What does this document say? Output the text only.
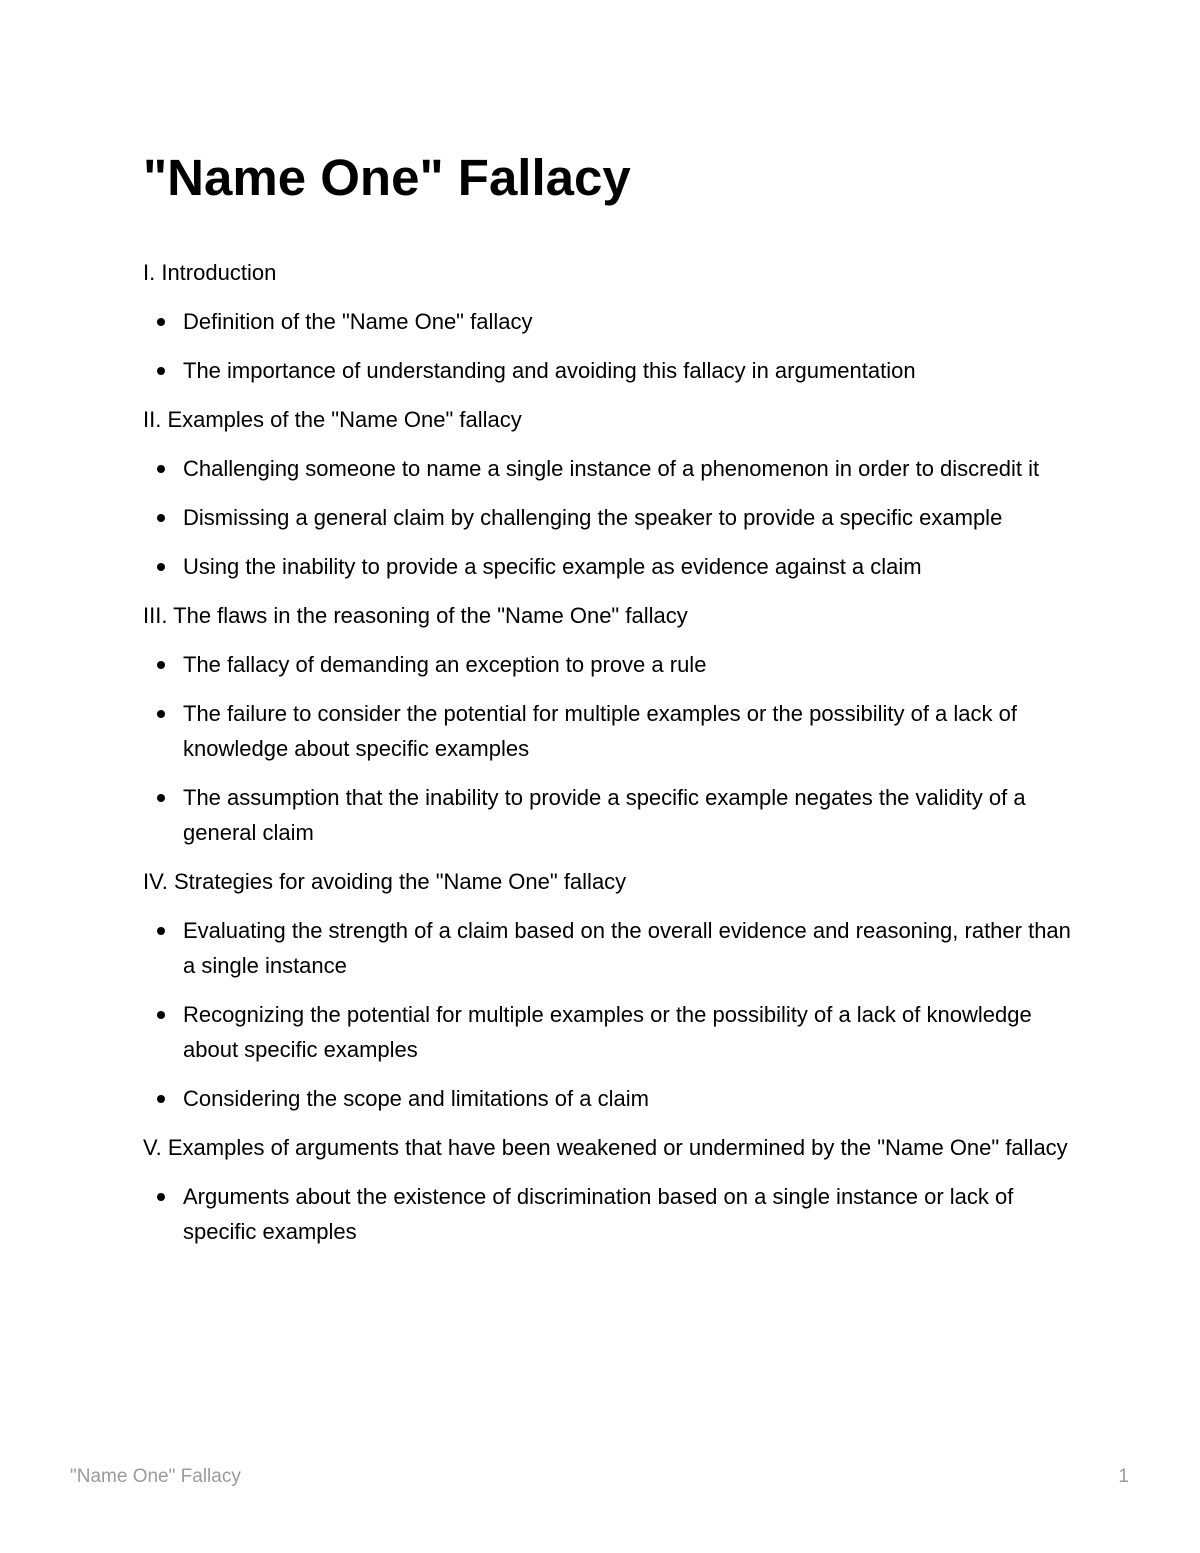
"Name One" Fallacy

I. Introduction

Definition of the "Name One" fallacy
The importance of understanding and avoiding this fallacy in argumentation

II. Examples of the "Name One" fallacy

Challenging someone to name a single instance of a phenomenon in order to discredit it
Dismissing a general claim by challenging the speaker to provide a specific example
Using the inability to provide a specific example as evidence against a claim

III. The flaws in the reasoning of the "Name One" fallacy

The fallacy of demanding an exception to prove a rule
The failure to consider the potential for multiple examples or the possibility of a lack of knowledge about specific examples
The assumption that the inability to provide a specific example negates the validity of a general claim

IV. Strategies for avoiding the "Name One" fallacy

Evaluating the strength of a claim based on the overall evidence and reasoning, rather than a single instance
Recognizing the potential for multiple examples or the possibility of a lack of knowledge about specific examples
Considering the scope and limitations of a claim

V. Examples of arguments that have been weakened or undermined by the "Name One" fallacy

Arguments about the existence of discrimination based on a single instance or lack of specific examples
"Name One" Fallacy	1
